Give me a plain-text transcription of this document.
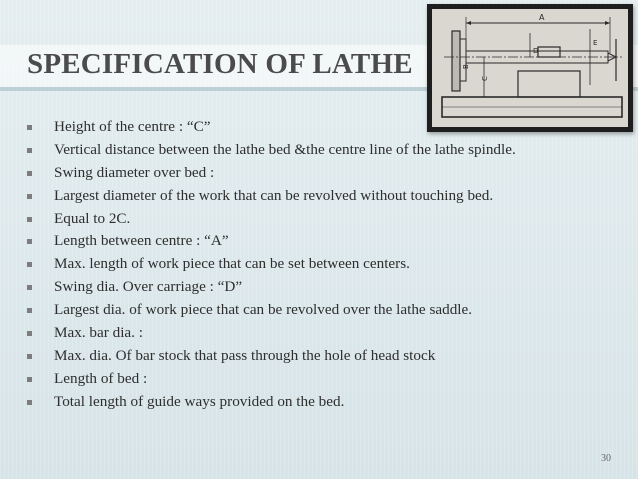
SPECIFICATION OF LATHE
A
B
C
D
E
Height of the centre : “C”
Vertical distance between the lathe bed &the centre line of the lathe spindle.
Swing diameter over bed :
Largest diameter of the work that can be revolved without touching bed.
Equal to 2C.
Length between centre : “A”
Max. length of work piece that can be set between centers.
Swing dia. Over carriage : “D”
Largest dia. of work piece that can be revolved over the lathe saddle.
Max. bar dia. :
Max. dia. Of bar stock that pass through the hole of head stock
Length of bed :
Total length of guide ways provided on the bed.
30
